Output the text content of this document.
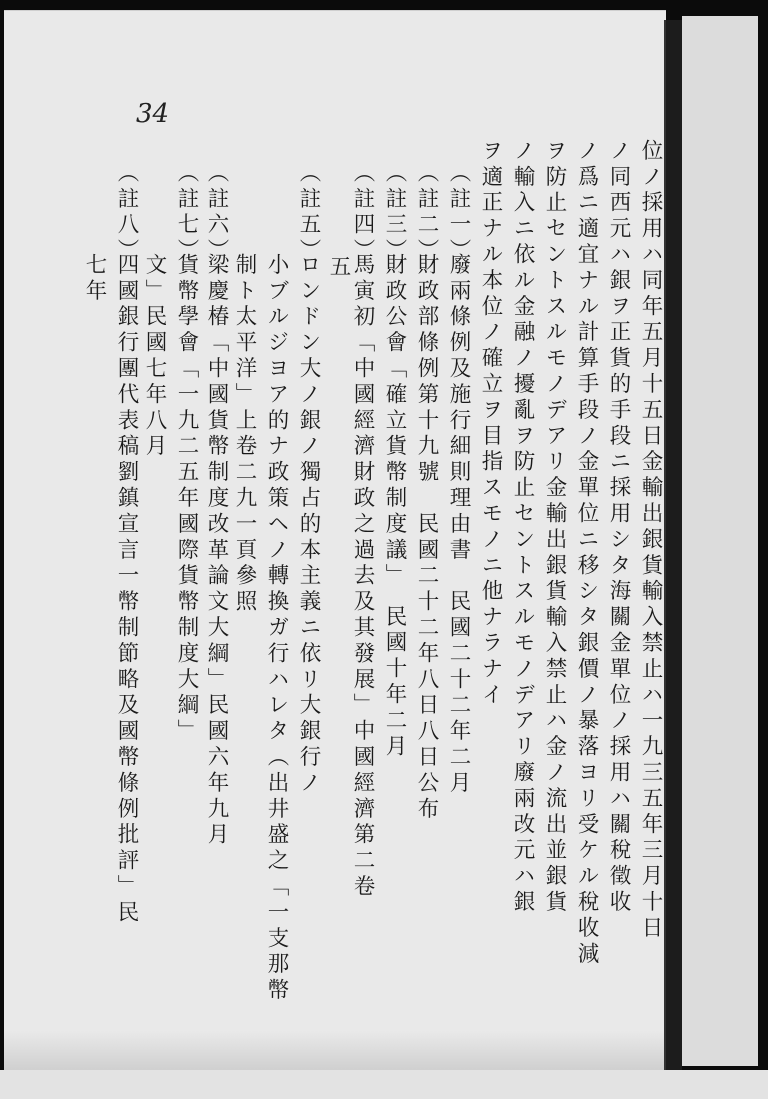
34
位ノ採用ハ同年五月十五日金輸出銀貨輸入禁止ハ一九三五年三月十日
ノ同西元ハ銀ヲ正貨的手段ニ採用シタ海關金單位ノ採用ハ關稅徵收
ノ爲ニ適宜ナル計算手段ノ金單位ニ移シタ銀價ノ暴落ヨリ受ケル稅收減
ヲ防止セントスルモノデアリ金輸出銀貨輸入禁止ハ金ノ流出並銀貨
ノ輸入ニ依ル金融ノ擾亂ヲ防止セントスルモノデアリ廢兩改元ハ銀
ヲ適正ナル本位ノ確立ヲ目指スモノニ他ナラナイ
（註一）
廢兩條例及施行細則理由書　民國二十二年二月
（註二）
財政部條例第十九號　民國二十二年八日八日公布
（註三）
財政公會「確立貨幣制度議」　民國十年二月
（註四）
馬寅初「中國經濟財政之過去及其發展」中國經濟第二卷
五
（註五）
ロンドン大ノ銀ノ獨占的本主義ニ依リ大銀行ノ
小ブルジヨア的ナ政策ヘノ轉換ガ行ハレタ（出井盛之「一支那幣
制ト太平洋」上卷二九一頁參照
（註六）
梁慶椿「中國貨幣制度改革論文大綱」民國六年九月
（註七）
貨幣學會「一九二五年國際貨幣制度大綱」
文」民國七年八月
（註八）
四國銀行團代表稿劉鎮宣言一幣制節略及國幣條例批評」民
七年
